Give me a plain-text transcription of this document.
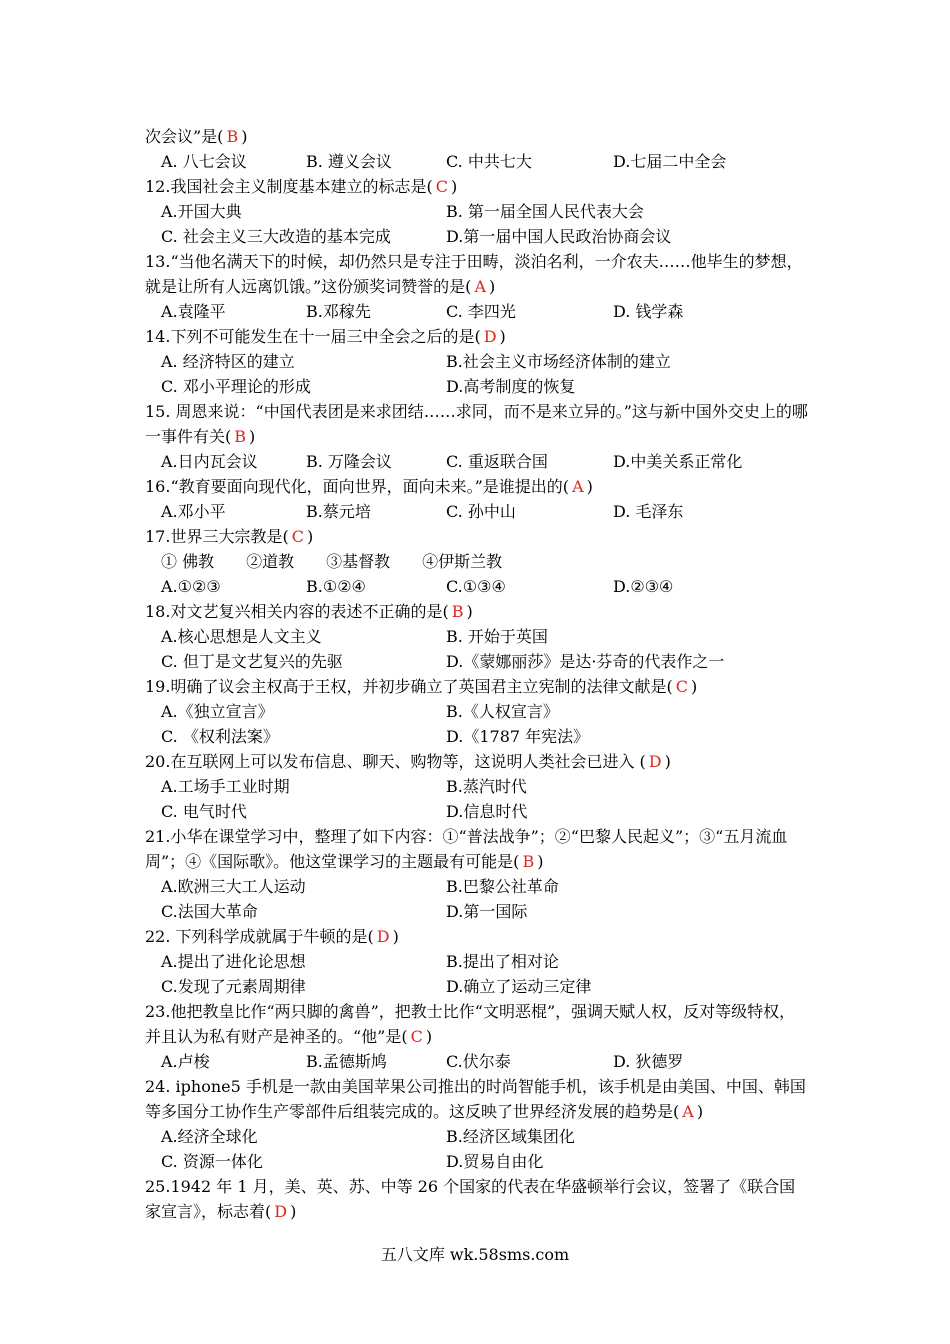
次会议”是( B )
A. 八七会议	B. 遵义会议	C. 中共七大	D.七届二中全会
12.我国社会主义制度基本建立的标志是( C )
A.开国大典	B. 第一届全国人民代表大会
C. 社会主义三大改造的基本完成	D.第一届中国人民政治协商会议
13.“当他名满天下的时候，却仍然只是专注于田畴，淡泊名利，一介农夫……他毕生的梦想，就是让所有人远离饥饿。”这份颁奖词赞誉的是( A )
A.袁隆平	B.邓稼先	C. 李四光	D. 钱学森
14.下列不可能发生在十一届三中全会之后的是( D )
A. 经济特区的建立	B.社会主义市场经济体制的建立
C. 邓小平理论的形成	D.高考制度的恢复
15. 周恩来说：“中国代表团是来求团结……求同，而不是来立异的。”这与新中国外交史上的哪一事件有关( B )
A.日内瓦会议	B. 万隆会议	C. 重返联合国	D.中美关系正常化
16.“教育要面向现代化，面向世界，面向未来。”是谁提出的( A )
A.邓小平	B.蔡元培	C. 孙中山	D. 毛泽东
17.世界三大宗教是( C )
① 佛教　　②道教　　③基督教　　④伊斯兰教
A.①②③	B.①②④	C.①③④	D.②③④
18.对文艺复兴相关内容的表述不正确的是( B )
A.核心思想是人文主义	B. 开始于英国
C. 但丁是文艺复兴的先驱	D.《蒙娜丽莎》是达·芬奇的代表作之一
19.明确了议会主权高于王权，并初步确立了英国君主立宪制的法律文献是( C )
A.《独立宣言》	B.《人权宣言》
C. 《权利法案》	D.《1787 年宪法》
20.在互联网上可以发布信息、聊天、购物等，这说明人类社会已进入 ( D )
A.工场手工业时期	B.蒸汽时代
C. 电气时代	D.信息时代
21.小华在课堂学习中，整理了如下内容：①“普法战争”；②“巴黎人民起义”；③“五月流血周”；④《国际歌》。他这堂课学习的主题最有可能是( B )
A.欧洲三大工人运动	B.巴黎公社革命
C.法国大革命	D.第一国际
22. 下列科学成就属于牛顿的是( D )
A.提出了进化论思想	B.提出了相对论
C.发现了元素周期律	D.确立了运动三定律
23.他把教皇比作“两只脚的禽兽”，把教士比作“文明恶棍”，强调天赋人权，反对等级特权，并且认为私有财产是神圣的。“他”是( C )
A.卢梭	B.孟德斯鸠	C.伏尔泰	D. 狄德罗
24. iphone5 手机是一款由美国苹果公司推出的时尚智能手机，该手机是由美国、中国、韩国等多国分工协作生产零部件后组装完成的。这反映了世界经济发展的趋势是( A )
A.经济全球化	B.经济区域集团化
C. 资源一体化	D.贸易自由化
25.1942 年 1 月，美、英、苏、中等 26 个国家的代表在华盛顿举行会议，签署了《联合国家宣言》，标志着( D )
五八文库 wk.58sms.com
